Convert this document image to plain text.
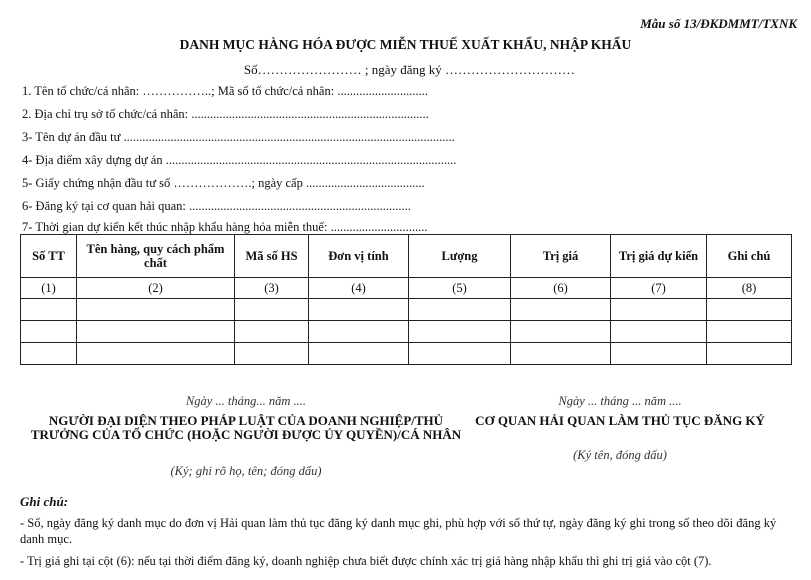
Mẫu số 13/ĐKDMMT/TXNK
DANH MỤC HÀNG HÓA ĐƯỢC MIỄN THUẾ XUẤT KHẨU, NHẬP KHẨU
Số…………………… ; ngày đăng ký …………………………
1. Tên tổ chức/cá nhân: ……………..; Mã số tổ chức/cá nhân: .............................
2. Địa chỉ trụ sở tổ chức/cá nhân: ............................................................................
3- Tên dự án đầu tư ..........................................................................................................
4- Địa điểm xây dựng dự án .............................................................................................
5- Giấy chứng nhận đầu tư số ……………….; ngày cấp ......................................
6- Đăng ký tại cơ quan hải quan: .......................................................................
7- Thời gian dự kiến kết thúc nhập khẩu hàng hóa miễn thuế: ...............................
Số TT	Tên hàng, quy cách phẩm chất	Mã số HS	Đơn vị tính	Lượng	Trị giá	Trị giá dự kiến	Ghi chú
(1)	(2)	(3)	(4)	(5)	(6)	(7)	(8)

Ngày ... tháng... năm ....
NGƯỜI ĐẠI DIỆN THEO PHÁP LUẬT CỦA DOANH NGHIỆP/THỦ TRƯỞNG CỦA TỔ CHỨC (HOẶC NGƯỜI ĐƯỢC ỦY QUYỀN)/CÁ NHÂN
(Ký; ghi rõ họ, tên; đóng dấu)
Ngày ... tháng ... năm ....
CƠ QUAN HẢI QUAN LÀM THỦ TỤC ĐĂNG KÝ
(Ký tên, đóng dấu)
Ghi chú:
- Số, ngày đăng ký danh mục do đơn vị Hải quan làm thủ tục đăng ký danh mục ghi, phù hợp với số thứ tự, ngày đăng ký ghi trong sổ theo dõi đăng ký danh mục.
- Trị giá ghi tại cột (6): nếu tại thời điểm đăng ký, doanh nghiệp chưa biết được chính xác trị giá hàng nhập khẩu thì ghi trị giá vào cột (7).
